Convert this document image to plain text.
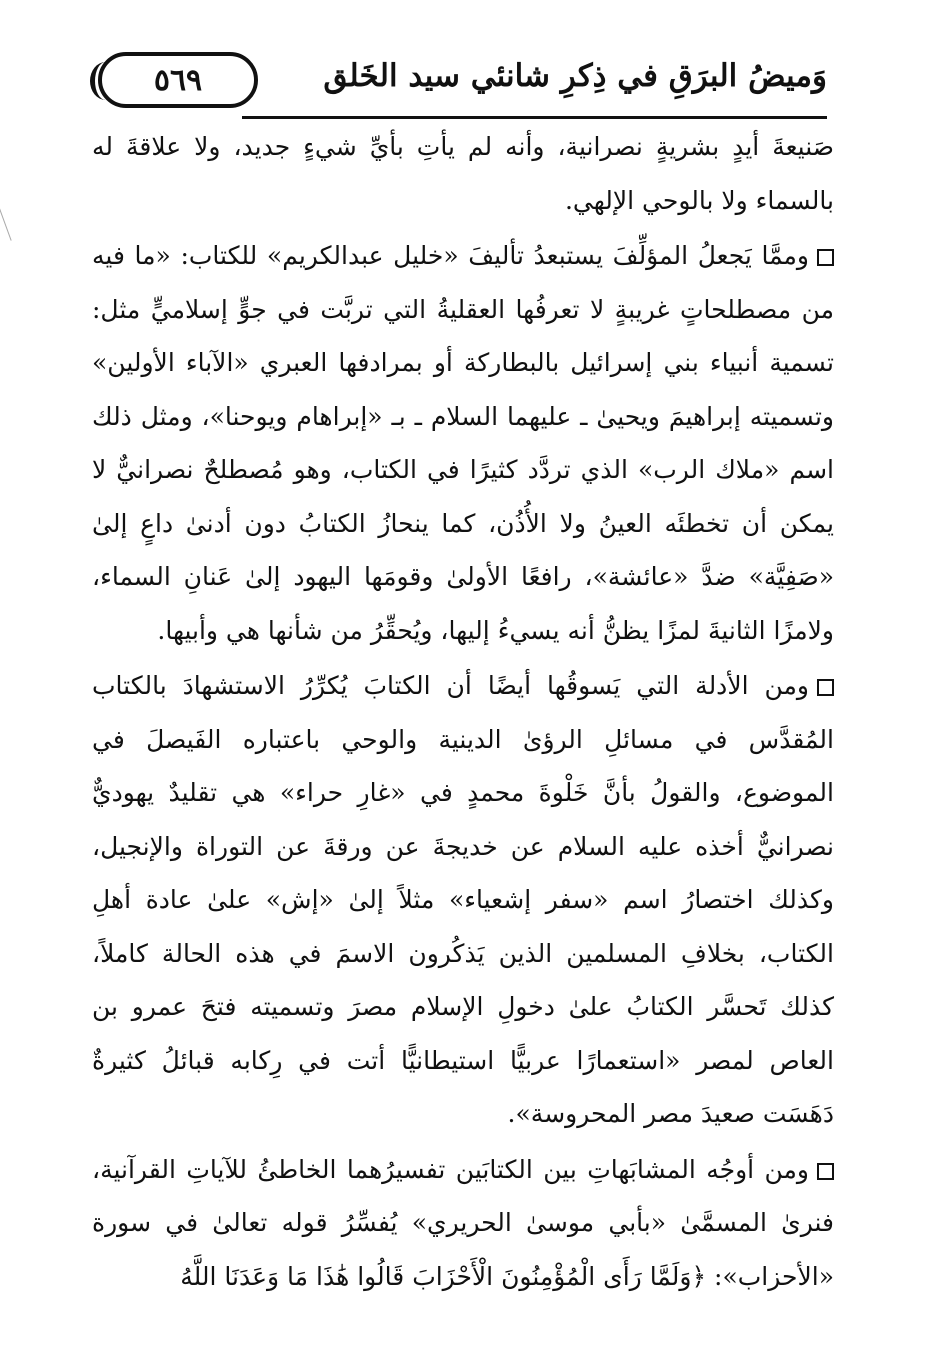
٥٦٩	وَميضُ البرَقِ في ذِكرِ شانئي سيد الخَلق

صَنيعةَ أيدٍ بشريةٍ نصرانية، وأنه لم يأتِ بأيِّ شيءٍ جديد، ولا علاقةَ له بالسماء ولا بالوحي الإلهي.

وممَّا يَجعلُ المؤلِّفَ يستبعدُ تأليفَ «خليل عبدالكريم» للكتاب: «ما فيه من مصطلحاتٍ غريبةٍ لا تعرفُها العقليةُ التي تربَّت في جوٍّ إسلاميٍّ مثل: تسمية أنبياء بني إسرائيل بالبطاركة أو بمرادفها العبري «الآباء الأولين» وتسميته إبراهيمَ ويحيىٰ ـ عليهما السلام ـ بـ «إبراهام ويوحنا»، ومثل ذلك اسم «ملاك الرب» الذي تردَّد كثيرًا في الكتاب، وهو مُصطلحٌ نصرانيٌّ لا يمكن أن تخطئَه العينُ ولا الأُذُن، كما ينحازُ الكتابُ دون أدنىٰ داعٍ إلىٰ «صَفِيَّة» ضدَّ «عائشة»، رافعًا الأولىٰ وقومَها اليهود إلىٰ عَنانِ السماء، ولامزًا الثانيةَ لمزًا يظنُّ أنه يسيءُ إليها، ويُحقِّرُ من شأنها هي وأبيها.

ومن الأدلة التي يَسوقُها أيضًا أن الكتابَ يُكرِّرُ الاستشهادَ بالكتاب المُقدَّس في مسائلِ الرؤىٰ الدينية والوحي باعتباره الفَيصلَ في الموضوع، والقولُ بأنَّ خَلْوةَ محمدٍ في «غارِ حراء» هي تقليدٌ يهوديٌّ نصرانيٌّ أخذه عليه السلام عن خديجةَ عن ورقةَ عن التوراة والإنجيل، وكذلك اختصارُ اسم «سفر إشعياء» مثلاً إلىٰ «إش» علىٰ عادة أهلِ الكتاب، بخلافِ المسلمين الذين يَذكُرون الاسمَ في هذه الحالة كاملاً، كذلك تَحسَّر الكتابُ علىٰ دخولِ الإسلام مصرَ وتسميته فتحَ عمرو بن العاص لمصر «استعمارًا عربيًّا استيطانيًّا أتت في رِكابه قبائلُ كثيرةٌ دَهَسَت صعيدَ مصر المحروسة».

ومن أوجُه المشابَهاتِ بين الكتابَين تفسيرُهما الخاطئُ للآياتِ القرآنية، فنرىٰ المسمَّىٰ «بأبي موسىٰ الحريري» يُفسِّرُ قوله تعالىٰ في سورة «الأحزاب»: ﴿وَلَمَّا رَأَى الْمُؤْمِنُونَ الْأَحْزَابَ قَالُوا هَٰذَا مَا وَعَدَنَا اللَّهُ
